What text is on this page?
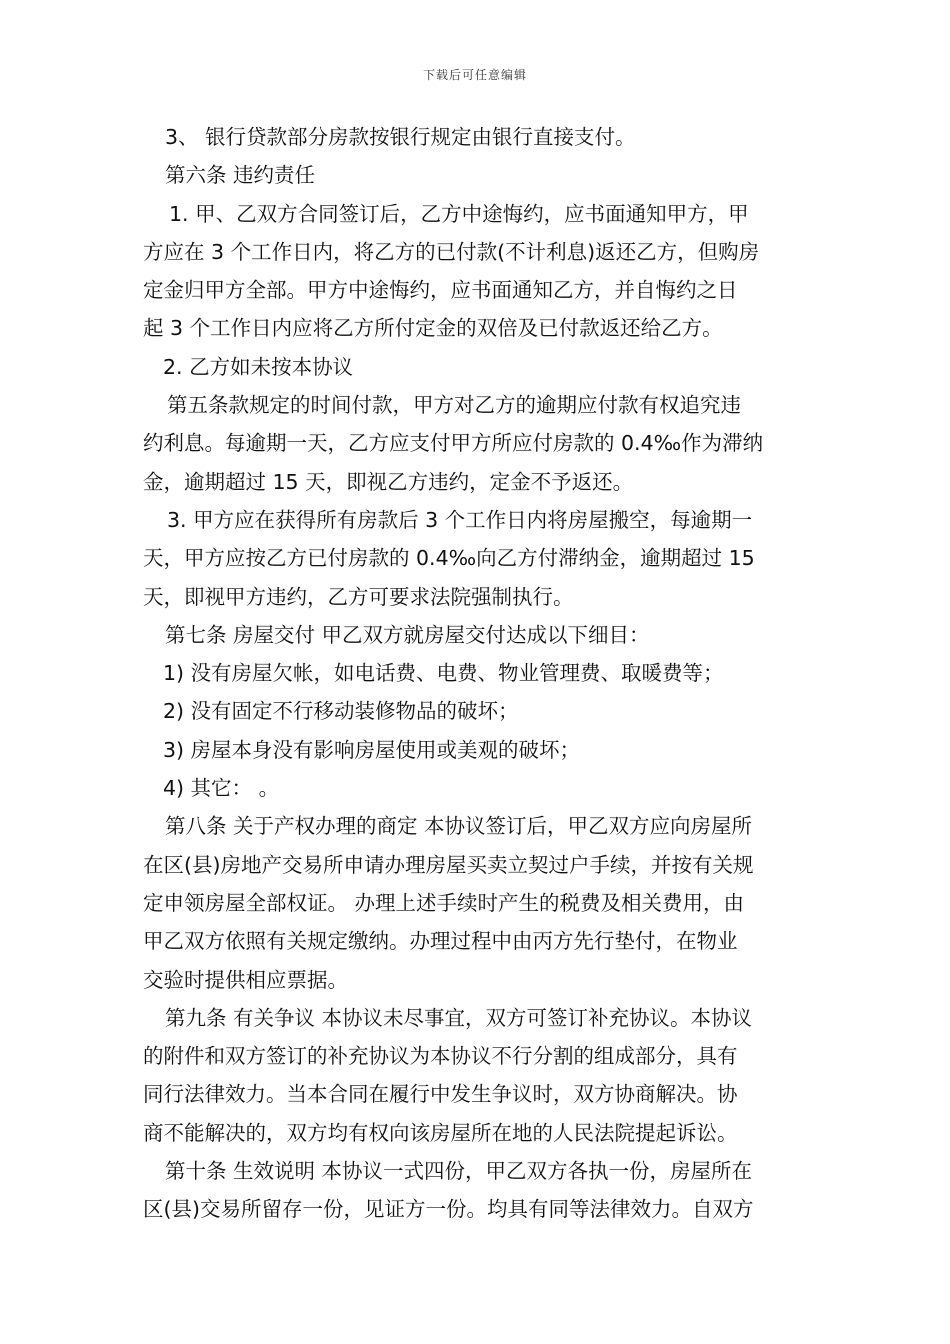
下载后可任意编辑
3、 银行贷款部分房款按银行规定由银行直接支付。
第六条 违约责任
1. 甲、乙双方合同签订后，乙方中途悔约，应书面通知甲方，甲
方应在 3 个工作日内，将乙方的已付款(不计利息)返还乙方，但购房
定金归甲方全部。甲方中途悔约，应书面通知乙方，并自悔约之日
起 3 个工作日内应将乙方所付定金的双倍及已付款返还给乙方。
2. 乙方如未按本协议
第五条款规定的时间付款，甲方对乙方的逾期应付款有权追究违
约利息。每逾期一天，乙方应支付甲方所应付房款的 0.4‰作为滞纳
金，逾期超过 15 天，即视乙方违约，定金不予返还。
3. 甲方应在获得所有房款后 3 个工作日内将房屋搬空，每逾期一
天，甲方应按乙方已付房款的 0.4‰向乙方付滞纳金，逾期超过 15
天，即视甲方违约，乙方可要求法院强制执行。
第七条 房屋交付 甲乙双方就房屋交付达成以下细目：
1) 没有房屋欠帐，如电话费、电费、物业管理费、取暖费等；
2) 没有固定不行移动装修物品的破坏；
3) 房屋本身没有影响房屋使用或美观的破坏；
4) 其它： 。
第八条 关于产权办理的商定 本协议签订后，甲乙双方应向房屋所
在区(县)房地产交易所申请办理房屋买卖立契过户手续，并按有关规
定申领房屋全部权证。 办理上述手续时产生的税费及相关费用，由
甲乙双方依照有关规定缴纳。办理过程中由丙方先行垫付，在物业
交验时提供相应票据。
第九条 有关争议 本协议未尽事宜，双方可签订补充协议。本协议
的附件和双方签订的补充协议为本协议不行分割的组成部分，具有
同行法律效力。当本合同在履行中发生争议时，双方协商解决。协
商不能解决的，双方均有权向该房屋所在地的人民法院提起诉讼。
第十条 生效说明 本协议一式四份，甲乙双方各执一份，房屋所在
区(县)交易所留存一份，见证方一份。均具有同等法律效力。自双方
